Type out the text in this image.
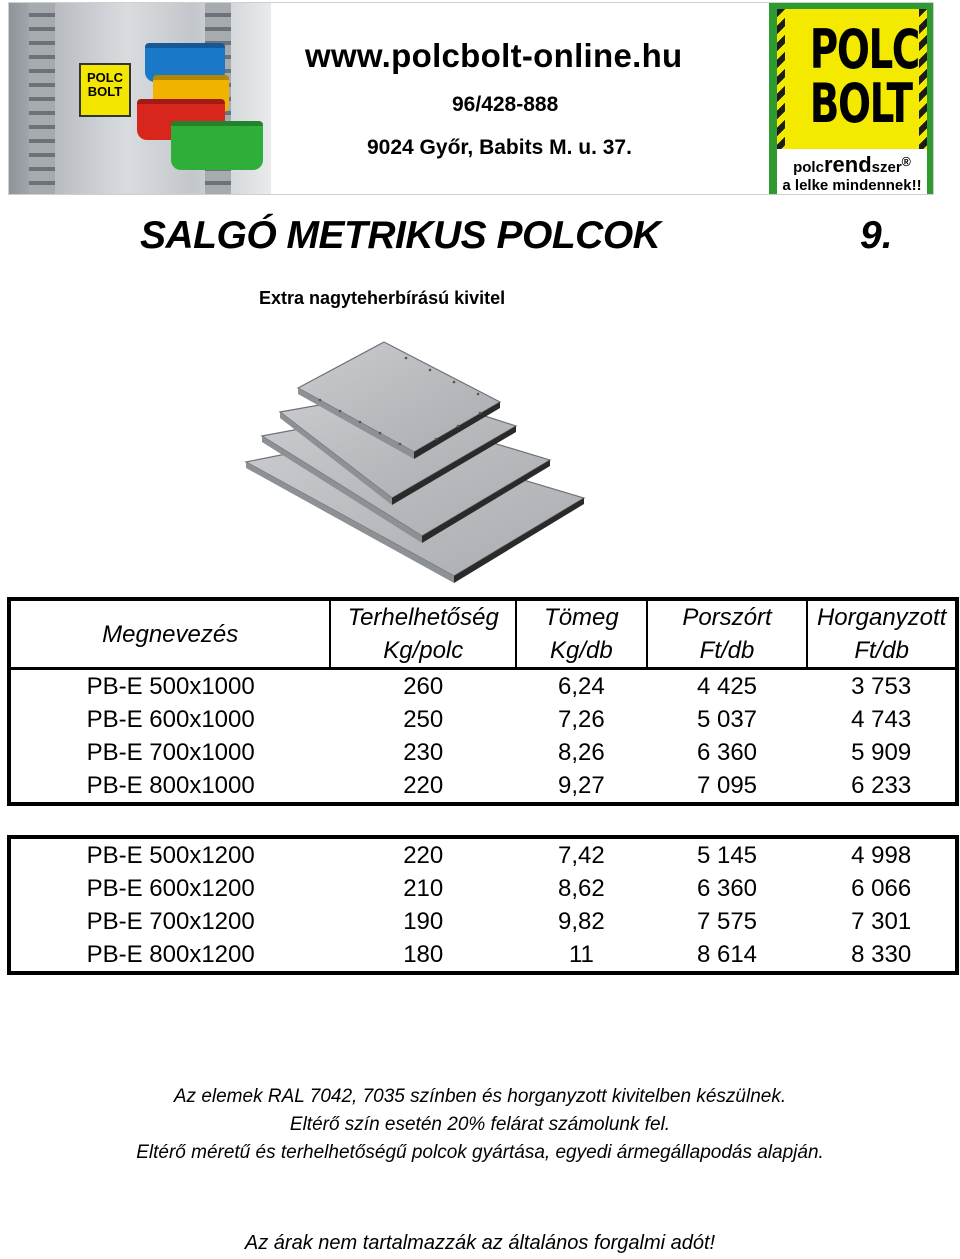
POLC
BOLT
www.polcbolt-online.hu
96/428-888
9024 Győr, Babits M. u. 37.
POLC
BOLT
polcrendszer®
a lelke mindennek!!
SALGÓ METRIKUS POLCOK	9.
Extra nagyteherbírású kivitel
Megnevezés	Terhelhetőség	Tömeg	Porszórt	Horganyzott
	Kg/polc	Kg/db	Ft/db	Ft/db
PB-E 500x1000	260	6,24	4 425	3 753
PB-E 600x1000	250	7,26	5 037	4 743
PB-E 700x1000	230	8,26	6 360	5 909
PB-E 800x1000	220	9,27	7 095	6 233
PB-E 500x1200	220	7,42	5 145	4 998
PB-E 600x1200	210	8,62	6 360	6 066
PB-E 700x1200	190	9,82	7 575	7 301
PB-E 800x1200	180	11	8 614	8 330
Az elemek RAL 7042, 7035 színben és horganyzott kivitelben készülnek.
Eltérő szín esetén 20% felárat számolunk fel.
Eltérő méretű és terhelhetőségű polcok gyártása, egyedi ármegállapodás alapján.
Az árak nem tartalmazzák az általános forgalmi adót!
